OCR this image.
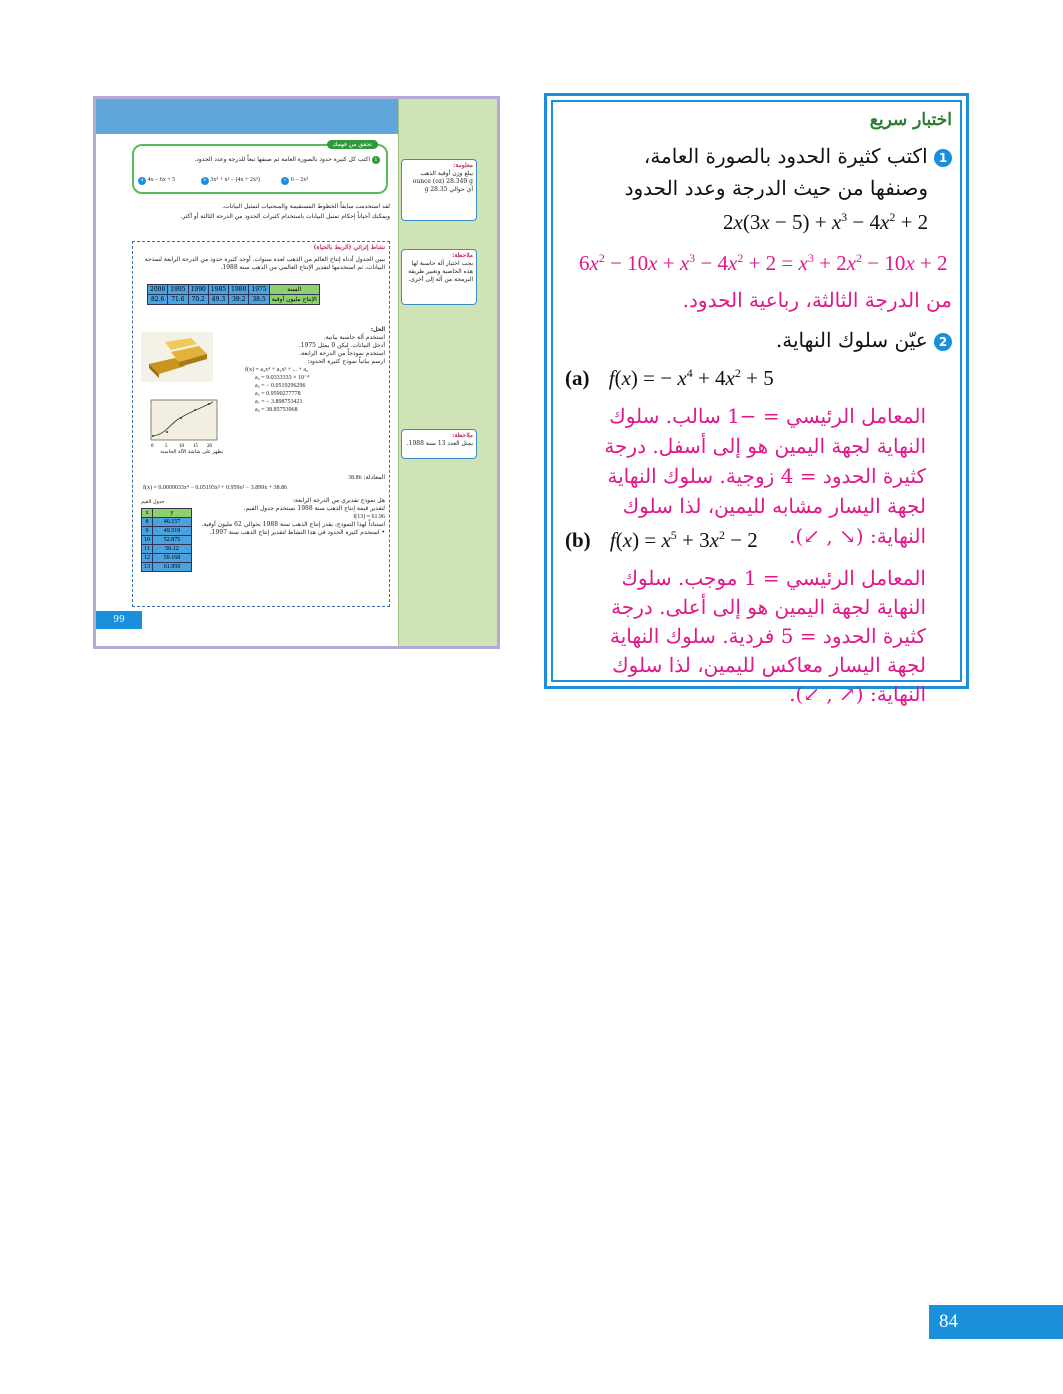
تحقق من فهمك
1 اكتب كل كثيرة حدود بالصورة العامة ثم صنفها تبعاً للدرجة وعدد الحدود.
a 4x − 6x + 5	b 3x³ + x² − (4x + 2x³)	c 6 − 2x³
لقد استخدمت سابقاً الخطوط المستقيمة والمنحنيات لتمثيل البيانات.
ويمكنك أحياناً إحكام تمثيل البيانات باستخدام كثيرات الحدود من الدرجة الثالثة أو أكثر.
نشاط إثرائي (الربط بالحياة)
يبين الجدول أدناه إنتاج العالم من الذهب لعدة سنوات. أوجد كثيرة حدود من الدرجة الرابعة لنمذجة البيانات، ثم استخدمها لتقدير الإنتاج العالمي من الذهب سنة 1988.
السنة	1975	1980	1985	1990	1995	2000
الإنتاج مليون أوقية	38.5	39.2	49.3	70.2	71.6	82.6
الحل:
استخدم آلة حاسبة بيانية.
أدخل البيانات. ليكن 0 يمثل 1975.
استخدم نموذجاً من الدرجة الرابعة.
ارسم بيانياً نموذج كثيرة الحدود:
f(x) = a₄x⁴ + a₃x³ + ... + a₀
a₄ = 9.0333333 × 10⁻⁴
a₃ = − 0.0519296296
a₂ = 0.9590277778
a₁ = − 3.898753421
a₀ = 38.85753968
0 5 10 15 20
يظهر على شاشة الآلة الحاسبة
المعادلة: 38.86
f(x) = 0.0009033x⁴ − 0.05193x³ + 0.959x² − 3.899x + 38.86
هل نموذج تقديري من الدرجة الرابعة:
لتقدير قيمة إنتاج الذهب سنة 1988 نستخدم جدول القيم.
f(13) ≈ 61.96
استناداً لهذا النموذج، يقدر إنتاج الذهب سنة 1988 بحوالي 62 مليون أوقية.
• استخدم كثيرة الحدود في هذا النشاط لتقدير إنتاج الذهب سنة 1997.
جدول القيم
x	y
8	46.157
9	49.519
10	52.875
11	56.12
12	59.168
13	61.959
معلومة:
يبلغ وزن أوقية الذهب ounce (oz) 28.349 g أي حوالي 28.35 g
ملاحظة:
يجب اختيار آلة حاسبة لها هذه الخاصية وتغيير طريقة البرمجة من آلة إلى أخرى.
ملاحظة:
يمثل العدد 13 سنة 1988.
99
اختبار سريع
1 اكتب كثيرة الحدود بالصورة العامة،
وصنفها من حيث الدرجة وعدد الحدود
$2x(3x - 5) + x^3 - 4x^2 + 2$
$6x^2 - 10x + x^3 - 4x^2 + 2 = x^3 + 2x^2 - 10x + 2$
من الدرجة الثالثة، رباعية الحدود.
2 عيّن سلوك النهاية.
(a) f(x) = − $x^4 + 4x^2 + 5$
المعامل الرئيسي = −1 سالب. سلوك النهاية لجهة اليمين هو إلى أسفل. درجة كثيرة الحدود = 4 زوجية. سلوك النهاية لجهة اليسار مشابه لليمين، لذا سلوك النهاية: (↘ , ↙).
(b) $f(x) = x^5 + 3x^2 - 2$
المعامل الرئيسي = 1 موجب. سلوك النهاية لجهة اليمين هو إلى أعلى. درجة كثيرة الحدود = 5 فردية. سلوك النهاية لجهة اليسار معاكس لليمين، لذا سلوك النهاية: (↗ , ↙).
84
